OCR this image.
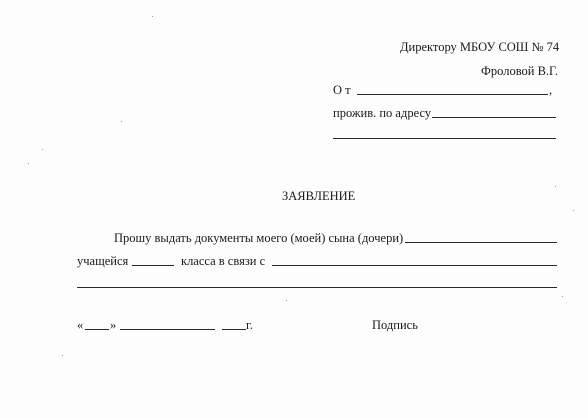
Директору МБОУ СОШ № 74
Фроловой В.Г.
О т	,
прожив. по адресу
ЗАЯВЛЕНИЕ
Прошу выдать документы моего (моей) сына (дочери)
учащейся	класса в связи с
« »	г.	Подпись
